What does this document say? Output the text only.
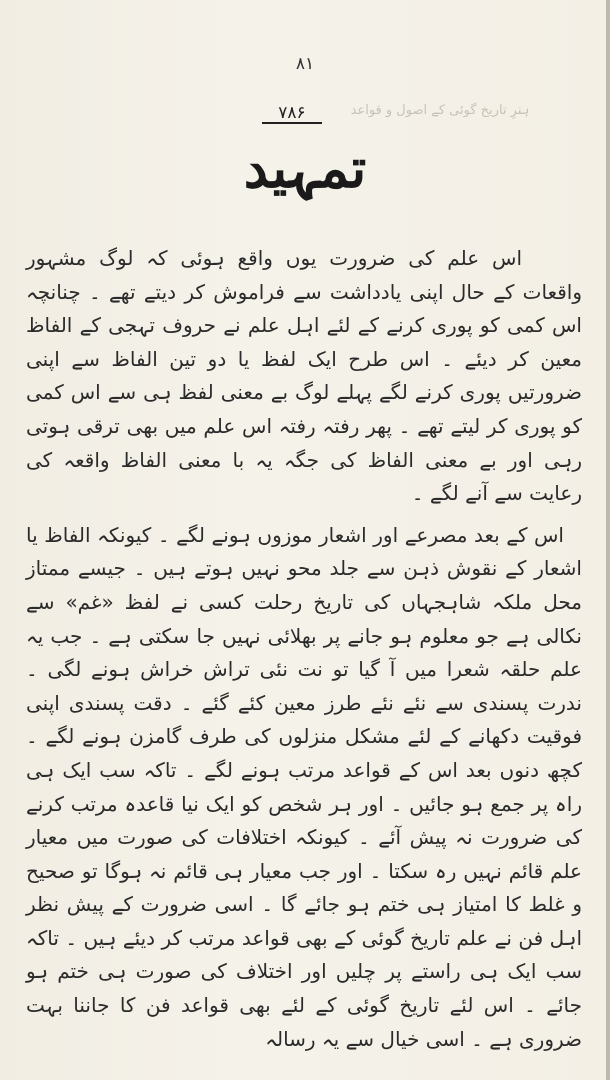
۸۱
ہنرِ تاریخ گوئی کے اصول و قواعد
۷۸۶
تمہید

اس علم کی ضرورت یوں واقع ہوئی کہ لوگ مشہور واقعات کے حال اپنی یادداشت سے فراموش کر دیتے تھے ۔ چنانچہ اس کمی کو پوری کرنے کے لئے اہل علم نے حروف تہجی کے الفاظ معین کر دیئے ۔ اس طرح ایک لفظ یا دو تین الفاظ سے اپنی ضرورتیں پوری کرنے لگے پہلے لوگ بے معنی لفظ ہی سے اس کمی کو پوری کر لیتے تھے ۔ پھر رفتہ رفتہ اس علم میں بھی ترقی ہوتی رہی اور بے معنی الفاظ کی جگہ یہ با معنی الفاظ واقعہ کی رعایت سے آنے لگے ۔

اس کے بعد مصرعے اور اشعار موزوں ہونے لگے ۔ کیونکہ الفاظ یا اشعار کے نقوش ذہن سے جلد محو نہیں ہوتے ہیں ۔ جیسے ممتاز محل ملکہ شاہجہاں کی تاریخ رحلت کسی نے لفظ «غم» سے نکالی ہے جو معلوم ہو جانے پر بھلائی نہیں جا سکتی ہے ۔ جب یہ علم حلقہ شعرا میں آ گیا تو نت نئی تراش خراش ہونے لگی ۔ ندرت پسندی سے نئے نئے طرز معین کئے گئے ۔ دقت پسندی اپنی فوقیت دکھانے کے لئے مشکل منزلوں کی طرف گامزن ہونے لگے ۔ کچھ دنوں بعد اس کے قواعد مرتب ہونے لگے ۔ تاکہ سب ایک ہی راہ پر جمع ہو جائیں ۔ اور ہر شخص کو ایک نیا قاعدہ مرتب کرنے کی ضرورت نہ پیش آئے ۔ کیونکہ اختلافات کی صورت میں معیار علم قائم نہیں رہ سکتا ۔ اور جب معیار ہی قائم نہ ہوگا تو صحیح و غلط کا امتیاز ہی ختم ہو جائے گا ۔ اسی ضرورت کے پیش نظر اہل فن نے علم تاریخ گوئی کے بھی قواعد مرتب کر دیئے ہیں ۔ تاکہ سب ایک ہی راستے پر چلیں اور اختلاف کی صورت ہی ختم ہو جائے ۔ اس لئے تاریخ گوئی کے لئے بھی قواعد فن کا جاننا بہت ضروری ہے ۔ اسی خیال سے یہ رسالہ
